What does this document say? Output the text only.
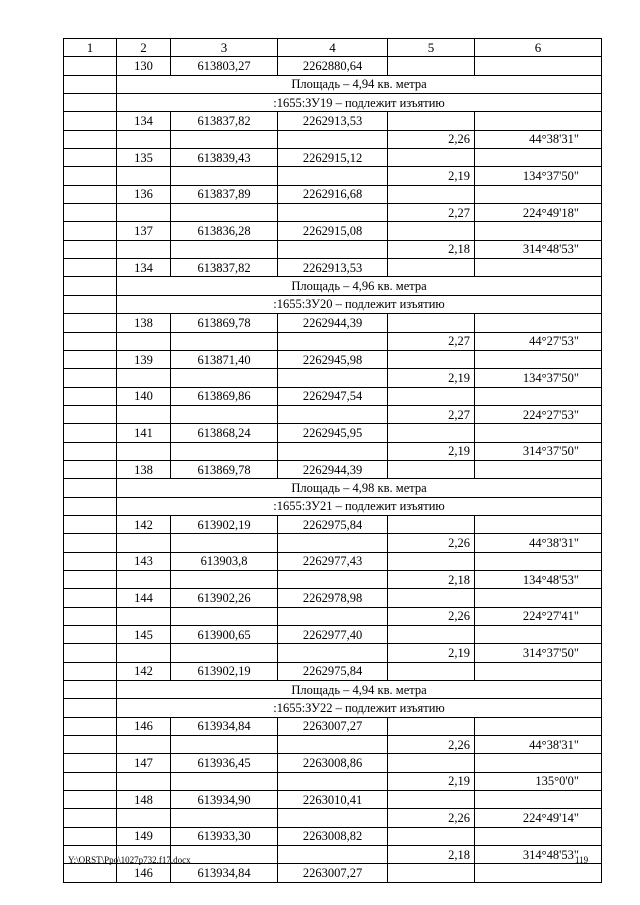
1	2	3	4	5	6
	130	613803,27	2262880,64		
	Площадь – 4,94 кв. метра				
	:1655:ЗУ19 – подлежит изъятию				
	134	613837,82	2262913,53		
				2,26	44°38'31"
	135	613839,43	2262915,12		
				2,19	134°37'50"
	136	613837,89	2262916,68		
				2,27	224°49'18"
	137	613836,28	2262915,08		
				2,18	314°48'53"
	134	613837,82	2262913,53		
	Площадь – 4,96 кв. метра				
	:1655:ЗУ20 – подлежит изъятию				
	138	613869,78	2262944,39		
				2,27	44°27'53"
	139	613871,40	2262945,98		
				2,19	134°37'50"
	140	613869,86	2262947,54		
				2,27	224°27'53"
	141	613868,24	2262945,95		
				2,19	314°37'50"
	138	613869,78	2262944,39		
	Площадь – 4,98 кв. метра				
	:1655:ЗУ21 – подлежит изъятию				
	142	613902,19	2262975,84		
				2,26	44°38'31"
	143	613903,8	2262977,43		
				2,18	134°48'53"
	144	613902,26	2262978,98		
				2,26	224°27'41"
	145	613900,65	2262977,40		
				2,19	314°37'50"
	142	613902,19	2262975,84		
	Площадь – 4,94 кв. метра				
	:1655:ЗУ22 – подлежит изъятию				
	146	613934,84	2263007,27		
				2,26	44°38'31"
	147	613936,45	2263008,86		
				2,19	135°0'0"
	148	613934,90	2263010,41		
				2,26	224°49'14"
	149	613933,30	2263008,82		
				2,18	314°48'53"
	146	613934,84	2263007,27		
Y:\ORST\Ppo\1027p732.f17.docx	119
